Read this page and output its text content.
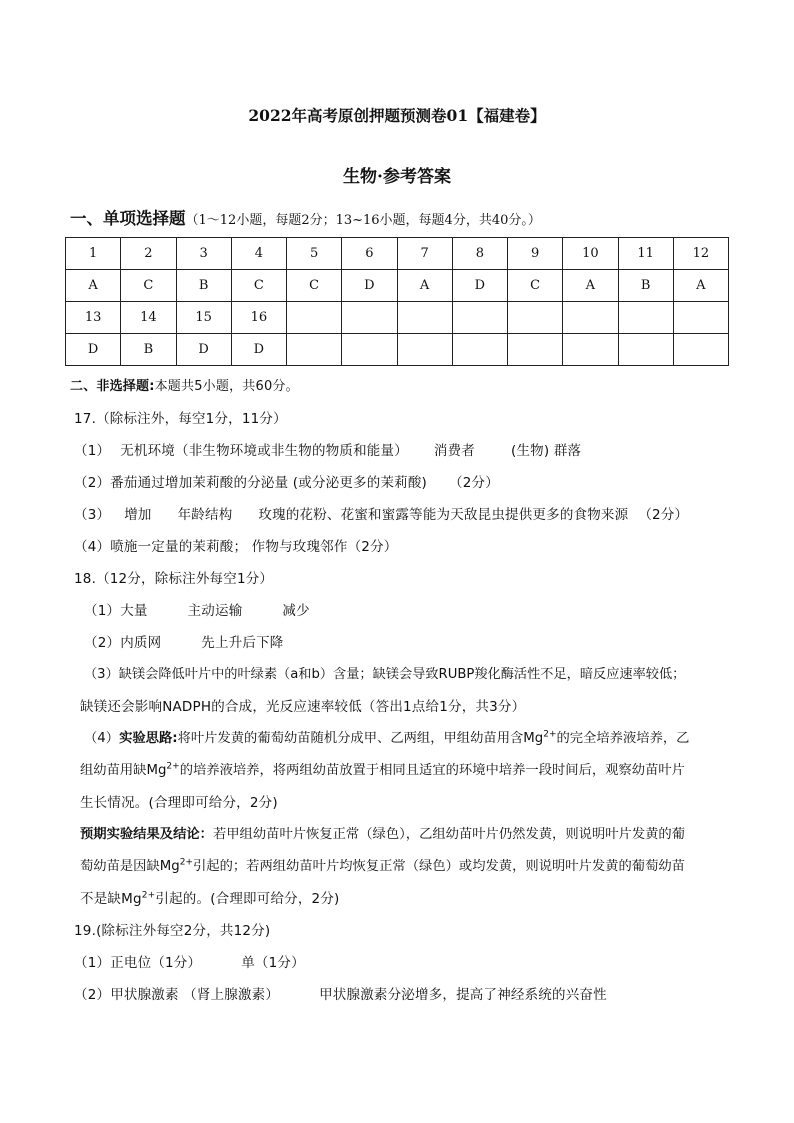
2022年高考原创押题预测卷01【福建卷】
生物·参考答案
一、单项选择题（1～12小题，每题2分；13~16小题，每题4分，共40分。）
1	2	3	4	5	6	7	8	9	10	11	12
A	C	B	C	C	D	A	D	C	A	B	A
13	14	15	16								
D	B	D	D								
二、非选择题:本题共5小题，共60分。
17.（除标注外，每空1分，11分）
（1） 无机环境（非生物环境或非生物的物质和能量） 消费者	(生物) 群落
（2）番茄通过增加茉莉酸的分泌量 (或分泌更多的茉莉酸) （2分）
（3） 增加 年龄结构 玫瑰的花粉、花蜜和蜜露等能为天敌昆虫提供更多的食物来源 （2分）
（4）喷施一定量的茉莉酸； 作物与玫瑰邻作（2分）
18.（12分，除标注外每空1分）
（1）大量	主动运输	减少
（2）内质网	先上升后下降
（3）缺镁会降低叶片中的叶绿素（a和b）含量；缺镁会导致RUBP羧化酶活性不足，暗反应速率较低；
缺镁还会影响NADPH的合成，光反应速率较低（答出1点给1分，共3分）
（4）实验思路:将叶片发黄的葡萄幼苗随机分成甲、乙两组，甲组幼苗用含$Mg^{2+}$的完全培养液培养，乙
组幼苗用缺$Mg^{2+}$的培养液培养，将两组幼苗放置于相同且适宜的环境中培养一段时间后，观察幼苗叶片
生长情况。(合理即可给分，2分)
预期实验结果及结论：若甲组幼苗叶片恢复正常（绿色），乙组幼苗叶片仍然发黄，则说明叶片发黄的葡
萄幼苗是因缺$Mg^{2+}$引起的；若两组幼苗叶片均恢复正常（绿色）或均发黄，则说明叶片发黄的葡萄幼苗
不是缺$Mg^{2+}$引起的。(合理即可给分，2分)
19.(除标注外每空2分，共12分)
（1）正电位（1分）	单（1分）
（2）甲状腺激素 （肾上腺激素）	甲状腺激素分泌增多，提高了神经系统的兴奋性
